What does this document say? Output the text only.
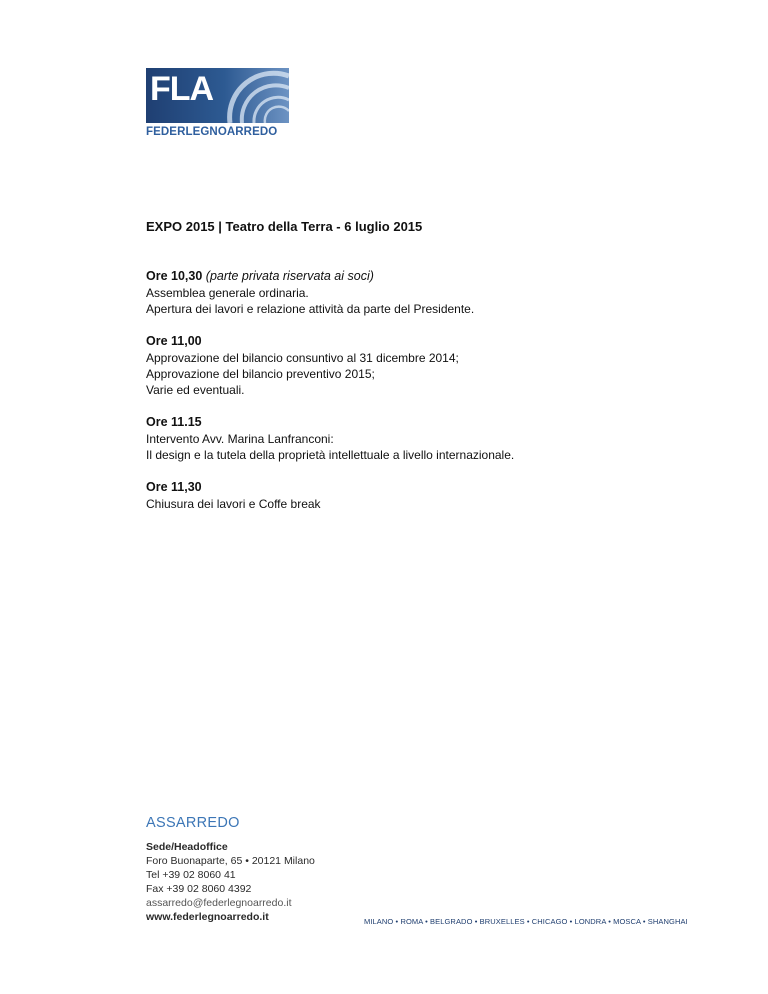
FLA
FEDERLEGNOARREDO
EXPO 2015 | Teatro della Terra - 6 luglio 2015
Ore 10,30 (parte privata riservata ai soci)
Assemblea generale ordinaria.
Apertura dei lavori e relazione attività da parte del Presidente.
Ore 11,00
Approvazione del bilancio consuntivo al 31 dicembre 2014;
Approvazione del bilancio preventivo 2015;
Varie ed eventuali.
Ore 11.15
Intervento Avv. Marina Lanfranconi:
Il design e la tutela della proprietà intellettuale a livello internazionale.
Ore 11,30
Chiusura dei lavori e Coffe break
ASSARREDO
Sede/Headoffice
Foro Buonaparte, 65 • 20121 Milano
Tel +39 02 8060 41
Fax +39 02 8060 4392
assarredo@federlegnoarredo.it
www.federlegnoarredo.it	MILANO • ROMA • BELGRADO • BRUXELLES • CHICAGO • LONDRA • MOSCA • SHANGHAI
